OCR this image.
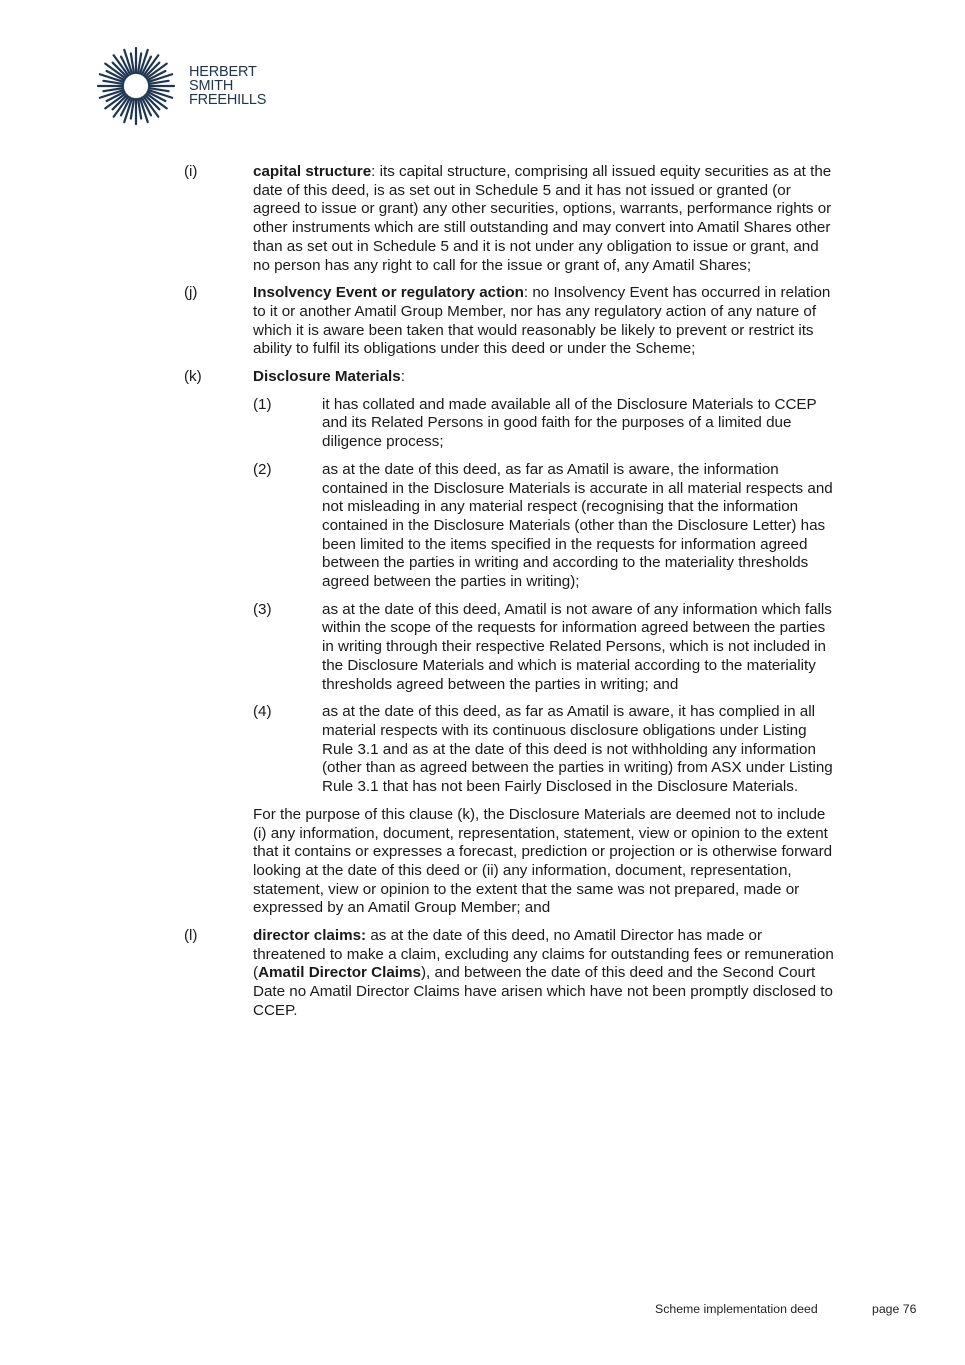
HERBERT
SMITH
FREEHILLS
(i)	capital structure: its capital structure, comprising all issued equity securities as at the date of this deed, is as set out in Schedule 5 and it has not issued or granted (or agreed to issue or grant) any other securities, options, warrants, performance rights or other instruments which are still outstanding and may convert into Amatil Shares other than as set out in Schedule 5 and it is not under any obligation to issue or grant, and no person has any right to call for the issue or grant of, any Amatil Shares;
(j)	Insolvency Event or regulatory action: no Insolvency Event has occurred in relation to it or another Amatil Group Member, nor has any regulatory action of any nature of which it is aware been taken that would reasonably be likely to prevent or restrict its ability to fulfil its obligations under this deed or under the Scheme;
(k)	Disclosure Materials:
(1)	it has collated and made available all of the Disclosure Materials to CCEP and its Related Persons in good faith for the purposes of a limited due diligence process;
(2)	as at the date of this deed, as far as Amatil is aware, the information contained in the Disclosure Materials is accurate in all material respects and not misleading in any material respect (recognising that the information contained in the Disclosure Materials (other than the Disclosure Letter) has been limited to the items specified in the requests for information agreed between the parties in writing and according to the materiality thresholds agreed between the parties in writing);
(3)	as at the date of this deed, Amatil is not aware of any information which falls within the scope of the requests for information agreed between the parties in writing through their respective Related Persons, which is not included in the Disclosure Materials and which is material according to the materiality thresholds agreed between the parties in writing; and
(4)	as at the date of this deed, as far as Amatil is aware, it has complied in all material respects with its continuous disclosure obligations under Listing Rule 3.1 and as at the date of this deed is not withholding any information (other than as agreed between the parties in writing) from ASX under Listing Rule 3.1 that has not been Fairly Disclosed in the Disclosure Materials.

For the purpose of this clause (k), the Disclosure Materials are deemed not to include (i) any information, document, representation, statement, view or opinion to the extent that it contains or expresses a forecast, prediction or projection or is otherwise forward looking at the date of this deed or (ii) any information, document, representation, statement, view or opinion to the extent that the same was not prepared, made or expressed by an Amatil Group Member; and

(l)	director claims: as at the date of this deed, no Amatil Director has made or threatened to make a claim, excluding any claims for outstanding fees or remuneration (Amatil Director Claims), and between the date of this deed and the Second Court Date no Amatil Director Claims have arisen which have not been promptly disclosed to CCEP.
Scheme implementation deed	page 76
